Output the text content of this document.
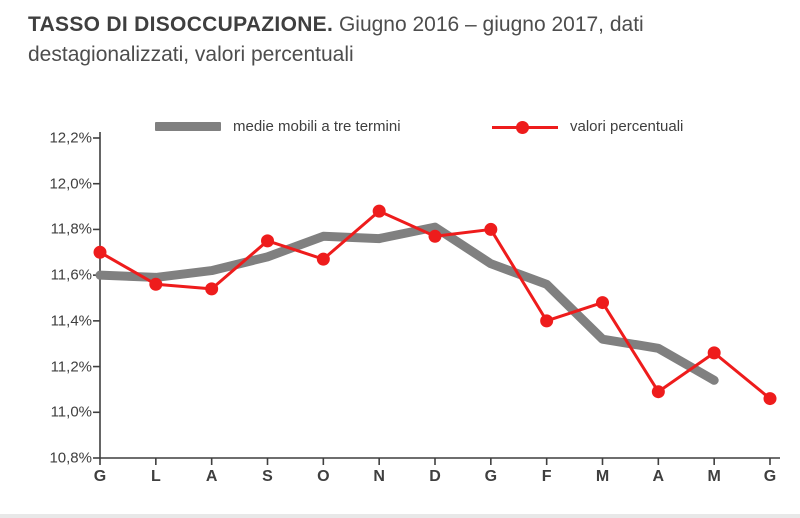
TASSO DI DISOCCUPAZIONE. Giugno 2016 – giugno 2017, dati destagionalizzati, valori percentuali
medie mobili a tre termini	valori percentuali
10,8%
11,0%
11,2%
11,4%
11,6%
11,8%
12,0%
12,2%
G	L	A	S	O	N	D	G	F	M	A	M	G
